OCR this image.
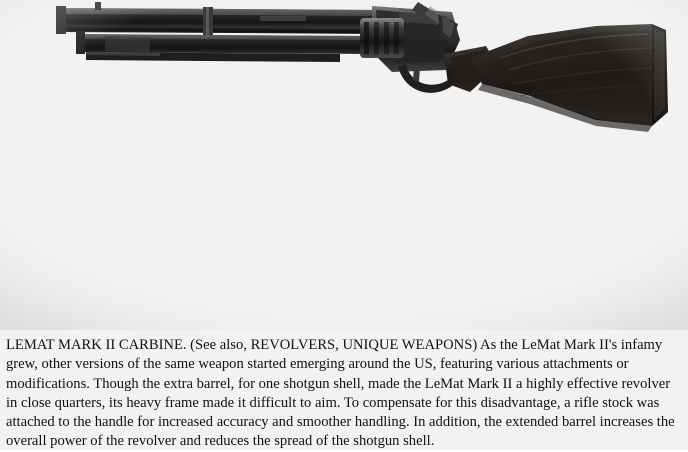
LEMAT MARK II CARBINE. (See also, REVOLVERS, UNIQUE WEAPONS) As the LeMat Mark II's infamy grew, other versions of the same weapon started emerging around the US, featuring various attachments or modifications. Though the extra barrel, for one shotgun shell, made the LeMat Mark II a highly effective revolver in close quarters, its heavy frame made it difficult to aim. To compensate for this disadvantage, a rifle stock was attached to the handle for increased accuracy and smoother handling. In addition, the extended barrel increases the overall power of the revolver and reduces the spread of the shotgun shell.
